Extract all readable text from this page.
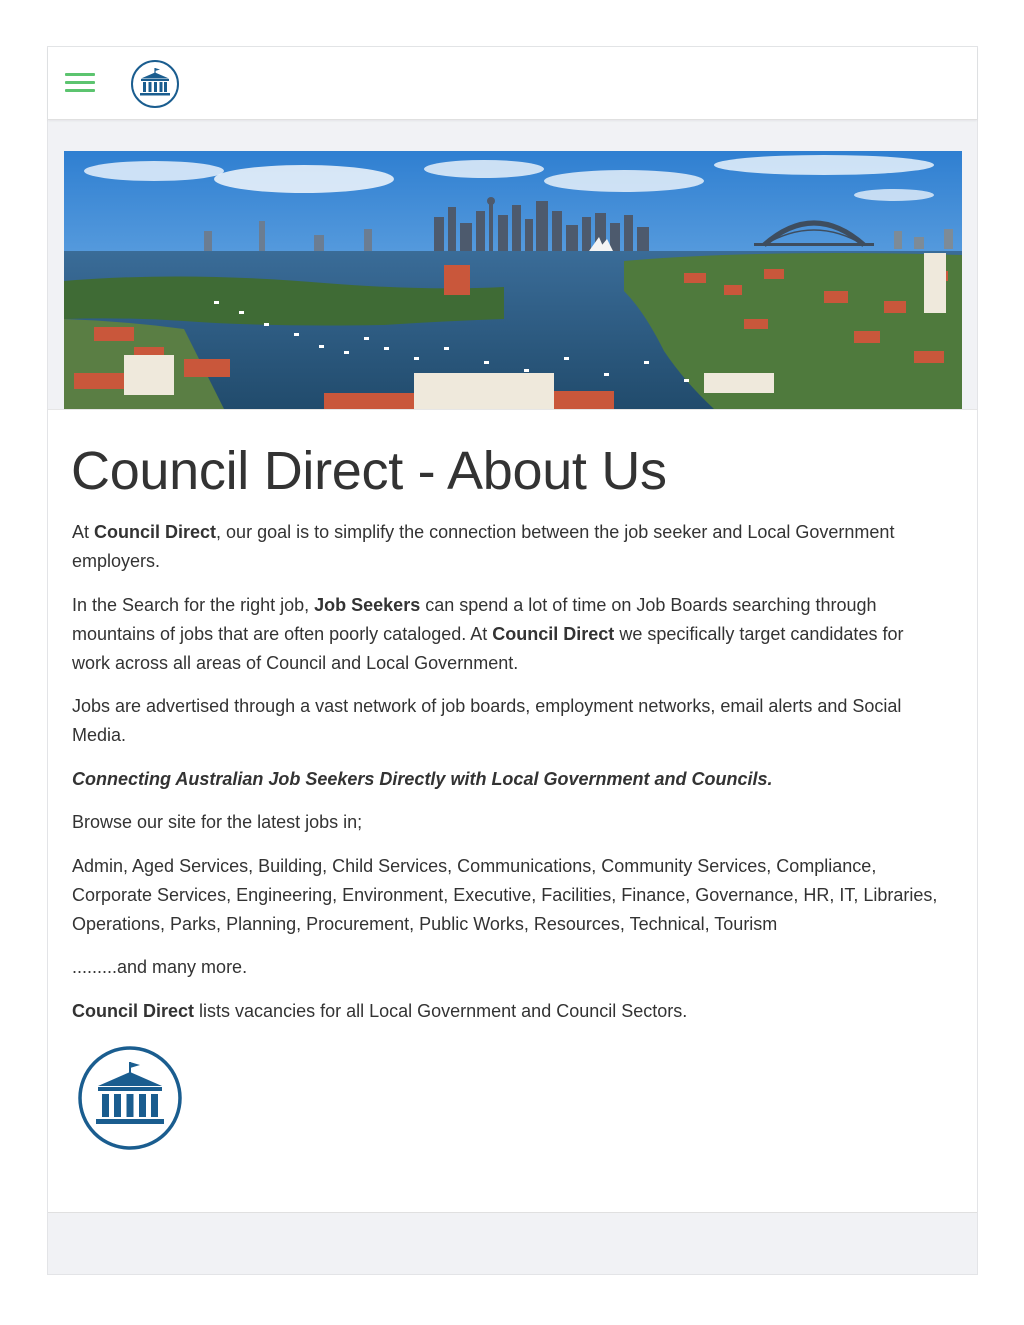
Council Direct - About Us

At Council Direct, our goal is to simplify the connection between the job seeker and Local Government employers.

In the Search for the right job, Job Seekers can spend a lot of time on Job Boards searching through mountains of jobs that are often poorly cataloged. At Council Direct we specifically target candidates for work across all areas of Council and Local Government.

Jobs are advertised through a vast network of job boards, employment networks, email alerts and Social Media.

Connecting Australian Job Seekers Directly with Local Government and Councils.

Browse our site for the latest jobs in;

Admin, Aged Services, Building, Child Services, Communications, Community Services, Compliance, Corporate Services, Engineering, Environment, Executive, Facilities, Finance, Governance, HR, IT, Libraries, Operations, Parks, Planning, Procurement, Public Works, Resources, Technical, Tourism

.........and many more.

Council Direct lists vacancies for all Local Government and Council Sectors.
